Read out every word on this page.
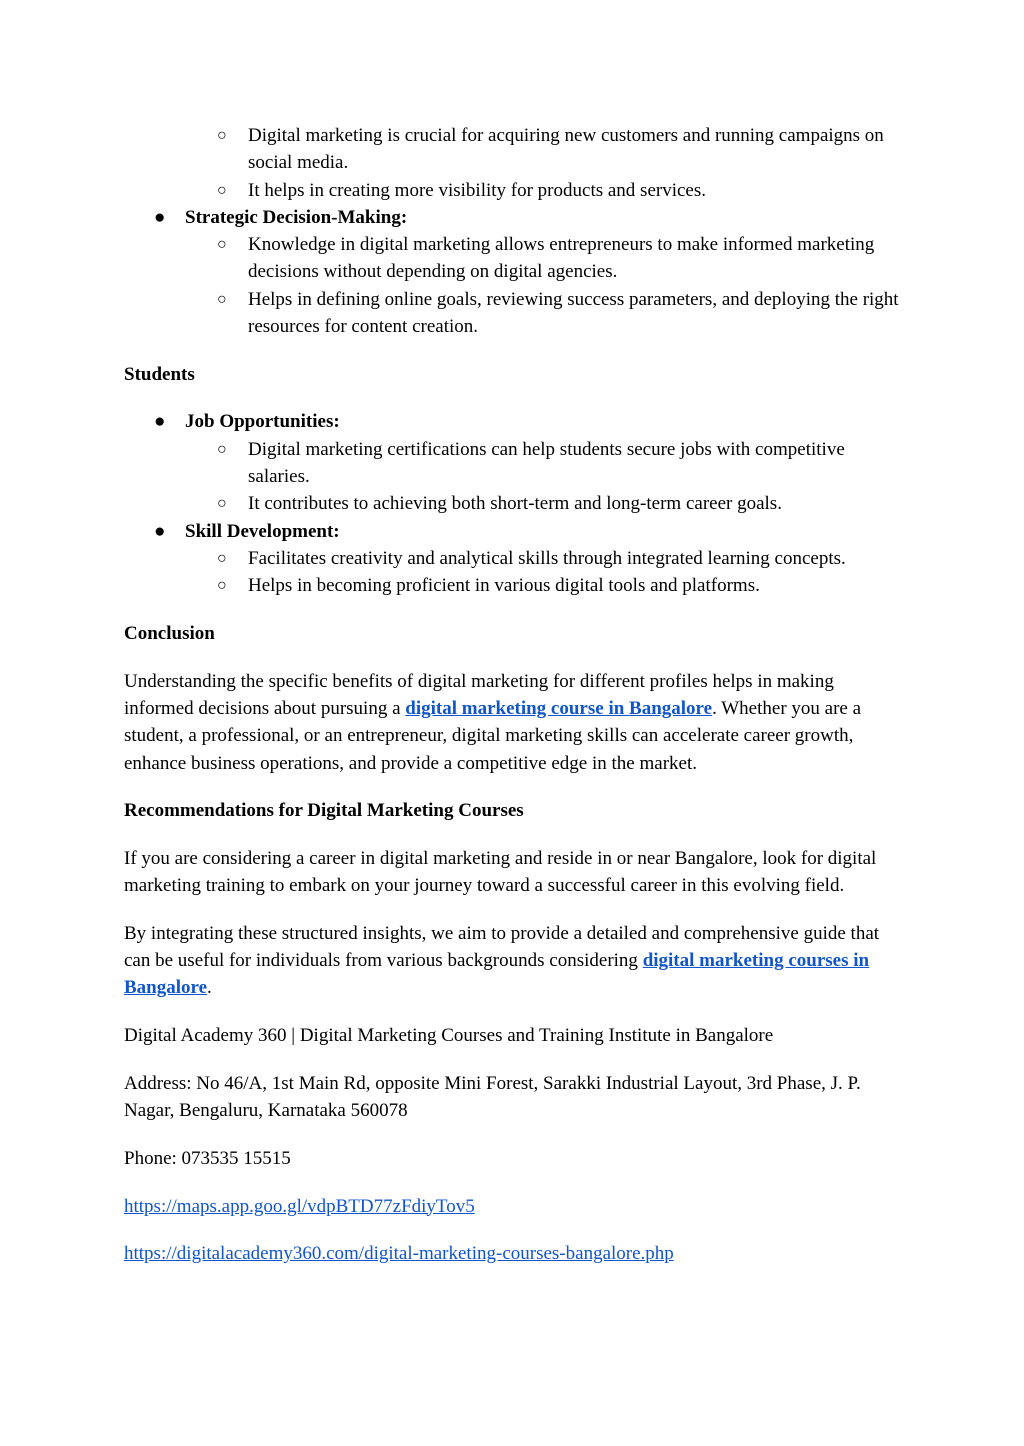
○ Digital marketing is crucial for acquiring new customers and running campaigns on social media.
○ It helps in creating more visibility for products and services.
● Strategic Decision-Making:
○ Knowledge in digital marketing allows entrepreneurs to make informed marketing decisions without depending on digital agencies.
○ Helps in defining online goals, reviewing success parameters, and deploying the right resources for content creation.
Students
● Job Opportunities:
○ Digital marketing certifications can help students secure jobs with competitive salaries.
○ It contributes to achieving both short-term and long-term career goals.
● Skill Development:
○ Facilitates creativity and analytical skills through integrated learning concepts.
○ Helps in becoming proficient in various digital tools and platforms.
Conclusion

Understanding the specific benefits of digital marketing for different profiles helps in making informed decisions about pursuing a digital marketing course in Bangalore. Whether you are a student, a professional, or an entrepreneur, digital marketing skills can accelerate career growth, enhance business operations, and provide a competitive edge in the market.

Recommendations for Digital Marketing Courses

If you are considering a career in digital marketing and reside in or near Bangalore, look for digital marketing training to embark on your journey toward a successful career in this evolving field.

By integrating these structured insights, we aim to provide a detailed and comprehensive guide that can be useful for individuals from various backgrounds considering digital marketing courses in Bangalore.

Digital Academy 360 | Digital Marketing Courses and Training Institute in Bangalore

Address: No 46/A, 1st Main Rd, opposite Mini Forest, Sarakki Industrial Layout, 3rd Phase, J. P. Nagar, Bengaluru, Karnataka 560078

Phone: 073535 15515

https://maps.app.goo.gl/vdpBTD77zFdiyTov5

https://digitalacademy360.com/digital-marketing-courses-bangalore.php
